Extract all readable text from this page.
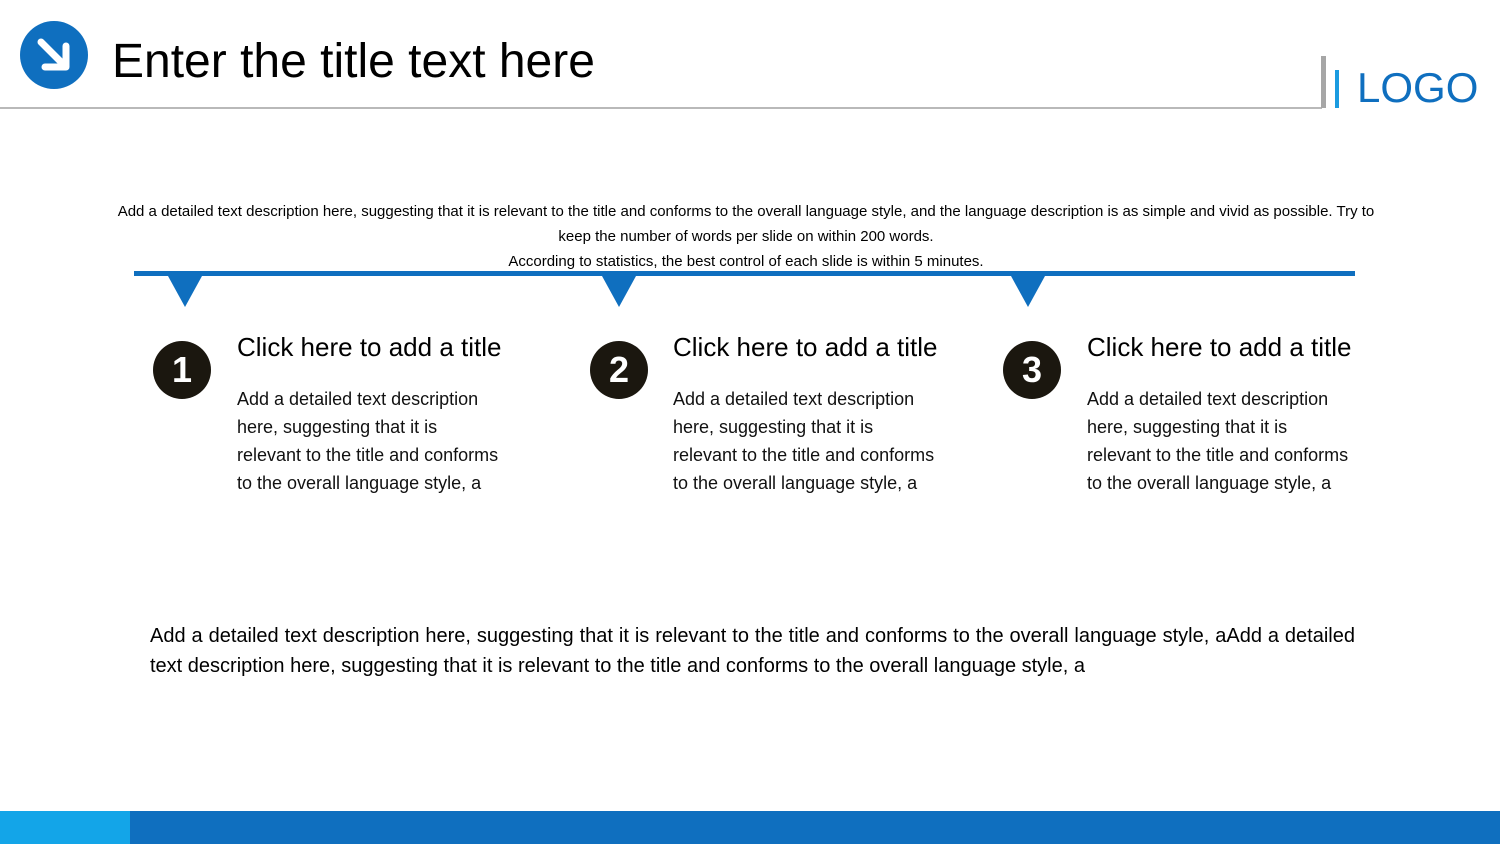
Enter the title text here	LOGO

Add a detailed text description here, suggesting that it is relevant to the title and conforms to the overall language style, and the language description is as simple and vivid as possible. Try to keep the number of words per slide on within 200 words.

According to statistics, the best control of each slide is within 5 minutes.

1
Click here to add a title
Add a detailed text description here, suggesting that it is relevant to the title and conforms to the overall language style, a
2
Click here to add a title
Add a detailed text description here, suggesting that it is relevant to the title and conforms to the overall language style, a
3
Click here to add a title
Add a detailed text description here, suggesting that it is relevant to the title and conforms to the overall language style, a
Add a detailed text description here, suggesting that it is relevant to the title and conforms to the overall language style, aAdd a detailed text description here, suggesting that it is relevant to the title and conforms to the overall language style, a
